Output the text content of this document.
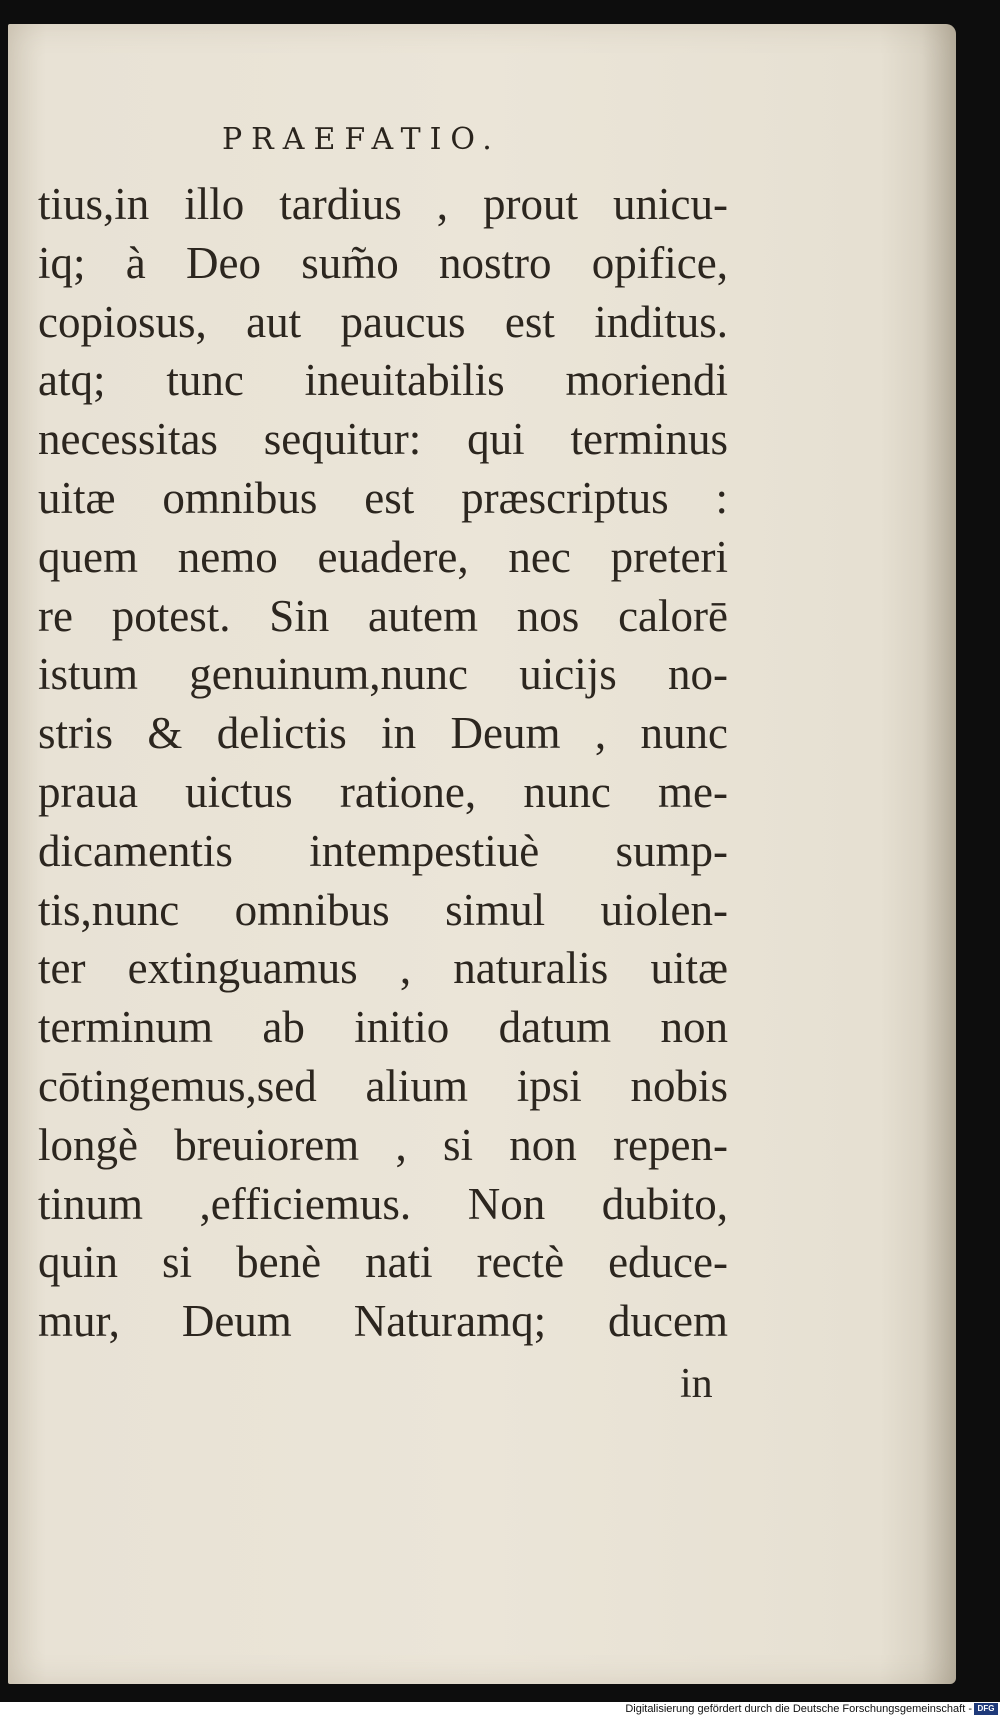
PRAEFATIO.
tius,in illo tardius , prout unicu-
iq; à Deo sum̃o nostro opifice,
copiosus, aut paucus est inditus.
atq; tunc ineuitabilis moriendi
necessitas sequitur: qui terminus
uitæ omnibus est præscriptus :
quem nemo euadere, nec preteri
re potest. Sin autem nos calorē
istum genuinum,nunc uicijs no-
stris & delictis in Deum , nunc
praua uictus ratione, nunc me-
dicamentis intempestiuè sump-
tis,nunc omnibus simul uiolen-
ter extinguamus , naturalis uitæ
terminum ab initio datum non
cōtingemus,sed alium ipsi nobis
longè breuiorem , si non repen-
tinum ,efficiemus. Non dubito,
quin si benè nati rectè educe-
mur, Deum Naturamq; ducem
in
Digitalisierung gefördert durch die Deutsche Forschungsgemeinschaft - DFG
